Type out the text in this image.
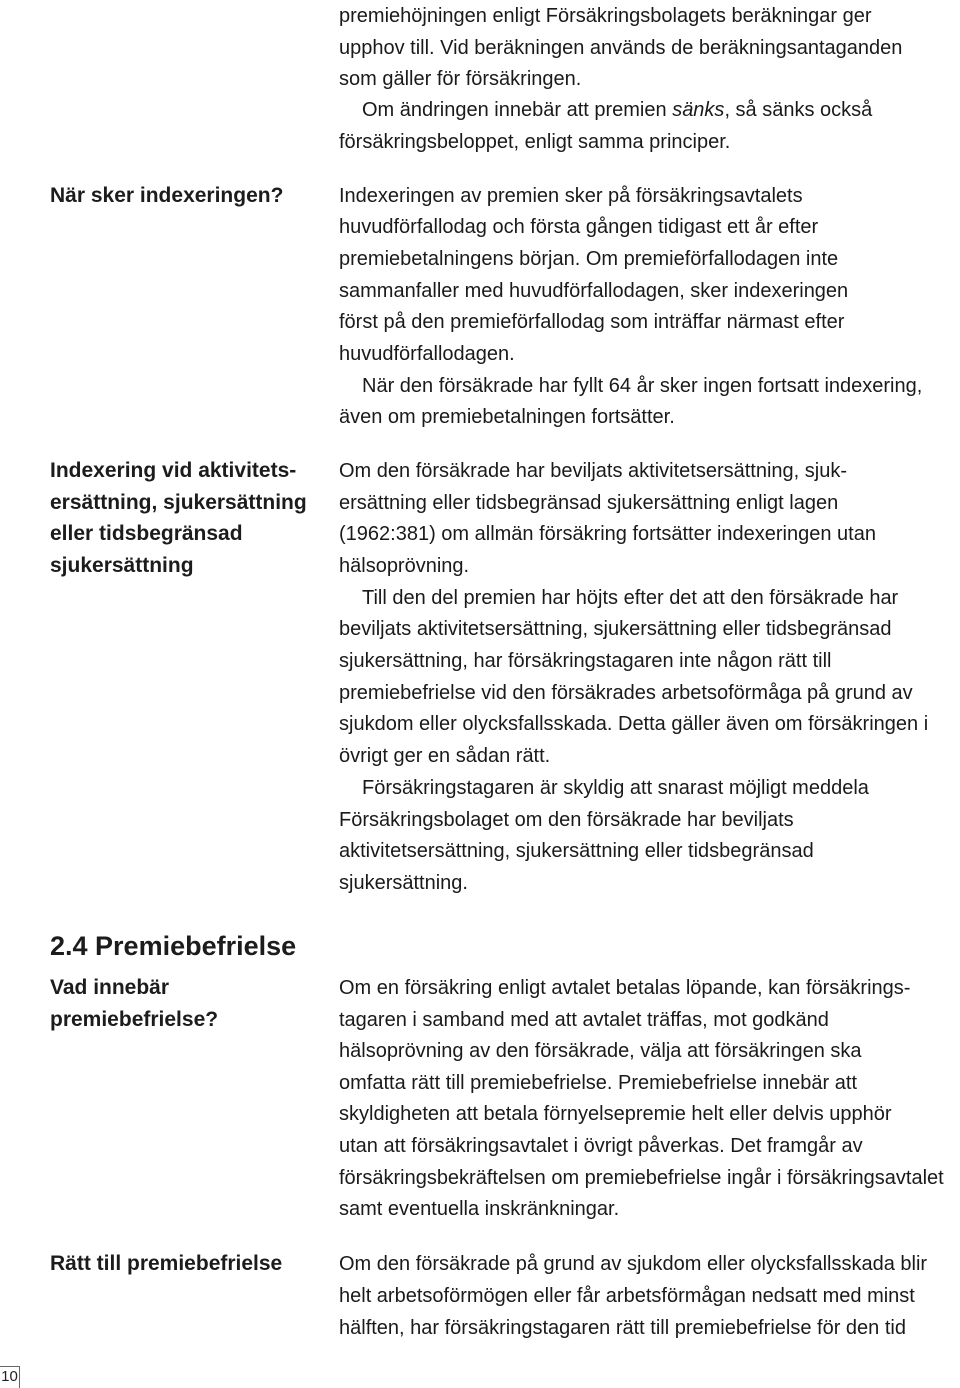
När sker indexeringen?
Indexering vid aktivitets-
ersättning, sjukersättning
eller tidsbegränsad
sjukersättning
2.4 Premiebefrielse
Vad innebär
premiebefrielse?
Rätt till premiebefrielse
premiehöjningen enligt Försäkringsbolagets beräkningar ger
upphov till. Vid beräkningen används de beräkningsantaganden
som gäller för försäkringen.
Om ändringen innebär att premien sänks, så sänks också
försäkringsbeloppet, enligt samma principer.
Indexeringen av premien sker på försäkringsavtalets
huvudförfallodag och första gången tidigast ett år efter
premiebetalningens början. Om premieförfallodagen inte
sammanfaller med huvudförfallodagen, sker indexeringen
först på den premieförfallodag som inträffar närmast efter
huvudförfallodagen.
När den försäkrade har fyllt 64 år sker ingen fortsatt indexering,
även om premiebetalningen fortsätter.
Om den försäkrade har beviljats aktivitetsersättning, sjuk-
ersättning eller tidsbegränsad sjukersättning enligt lagen
(1962:381) om allmän försäkring fortsätter indexeringen utan
hälsoprövning.
Till den del premien har höjts efter det att den försäkrade har
beviljats aktivitetsersättning, sjukersättning eller tidsbegränsad
sjukersättning, har försäkringstagaren inte någon rätt till
premiebefrielse vid den försäkrades arbetsoförmåga på grund av
sjukdom eller olycksfallsskada. Detta gäller även om försäkringen i
övrigt ger en sådan rätt.
Försäkringstagaren är skyldig att snarast möjligt meddela
Försäkringsbolaget om den försäkrade har beviljats
aktivitetsersättning, sjukersättning eller tidsbegränsad
sjukersättning.
Om en försäkring enligt avtalet betalas löpande, kan försäkrings-
tagaren i samband med att avtalet träffas, mot godkänd
hälsoprövning av den försäkrade, välja att försäkringen ska
omfatta rätt till premiebefrielse. Premiebefrielse innebär att
skyldigheten att betala förnyelsepremie helt eller delvis upphör
utan att försäkringsavtalet i övrigt påverkas. Det framgår av
försäkringsbekräftelsen om premiebefrielse ingår i försäkringsavtalet
samt eventuella inskränkningar.
Om den försäkrade på grund av sjukdom eller olycksfallsskada blir
helt arbetsoförmögen eller får arbetsförmågan nedsatt med minst
hälften, har försäkringstagaren rätt till premiebefrielse för den tid
10
